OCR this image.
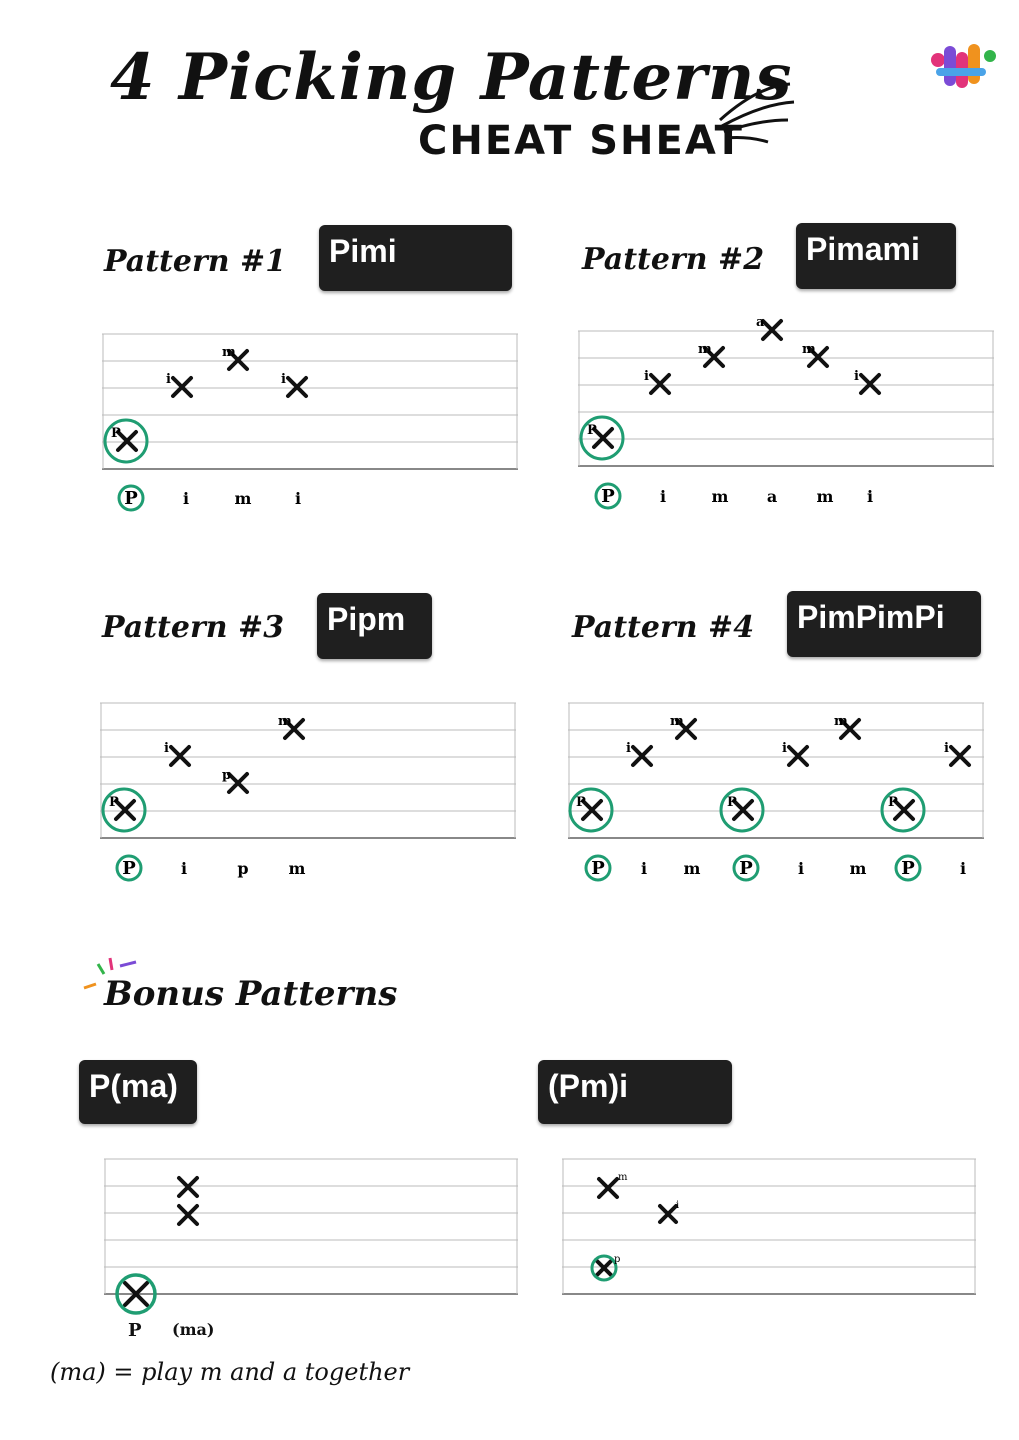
4 Picking Patterns
CHEAT SHEAT
Pattern #1	Pimi
P
i
m
i
Pattern #2	Pimami
P
i
m
a
m
i
Pattern #3	Pipm
P
i
p
m
Pattern #4	PimPimPi
P
i
m
P
i
m
P
i
P	i	m	i	P	i	m a m i
P	i	p m	P i m P	i	m P	i
Bonus Patterns
P(ma)	(Pm)i
m
i
p
P (ma)
(ma) = play m and a together
